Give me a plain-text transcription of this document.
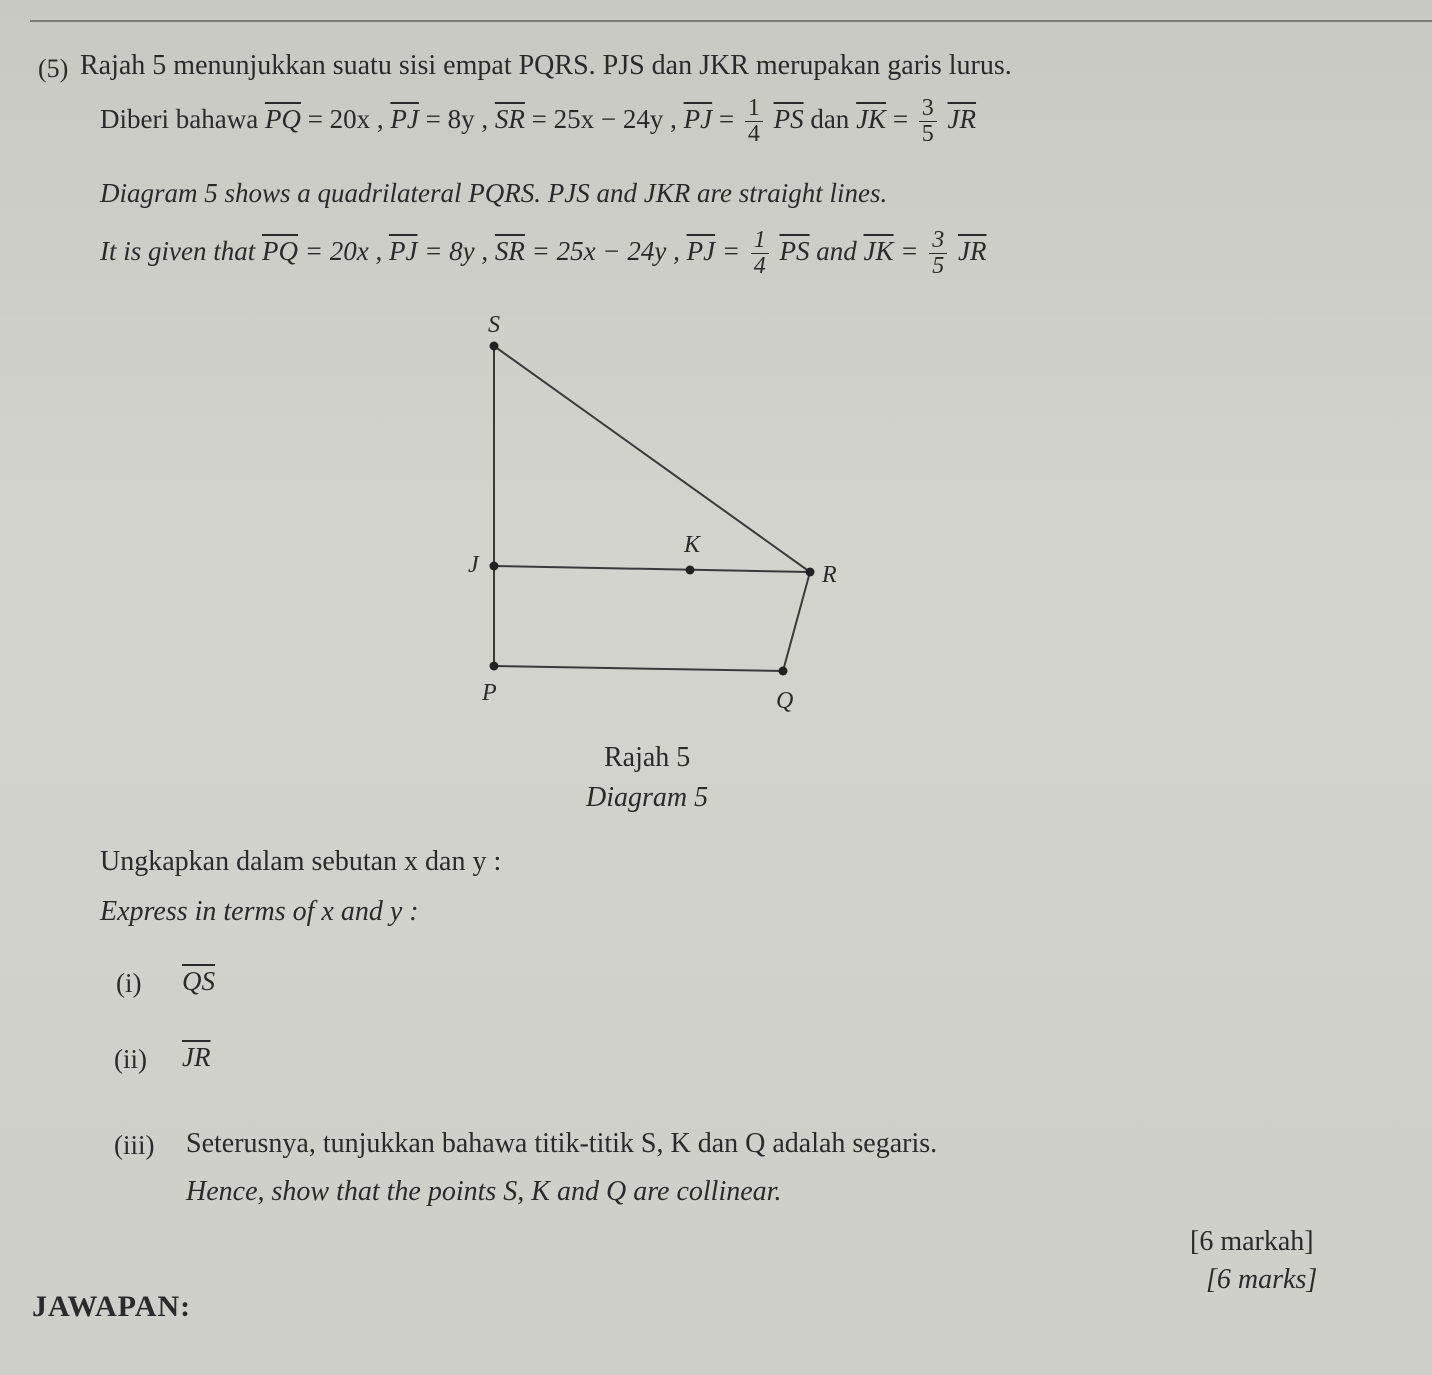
(5) Rajah 5 menunjukkan suatu sisi empat PQRS. PJS dan JKR merupakan garis lurus.
Diberi bahawa $\overline{PQ} = 20x$ , $\overline{PJ} = 8y$ , $\overline{SR} = 25x - 24y$ , $\overline{PJ} = \frac{1}{4} \overline{PS}$ dan $\overline{JK} = \frac{3}{5} \overline{JR}$
Diagram 5 shows a quadrilateral PQRS. PJS and JKR are straight lines.
It is given that $\overline{PQ} = 20x$ , $\overline{PJ} = 8y$ , $\overline{SR} = 25x - 24y$ , $\overline{PJ} = \frac{1}{4} \overline{PS}$ and $\overline{JK} = \frac{3}{5} \overline{JR}$
S
J
K
R
P	Q
Rajah 5
Diagram 5
Ungkapkan dalam sebutan x dan y :
Express in terms of x and y :
(i) $\overline{QS}$
(ii) $\overline{JR}$
(iii) Seterusnya, tunjukkan bahawa titik-titik S, K dan Q adalah segaris.
Hence, show that the points S, K and Q are collinear.
[6 markah]
[6 marks]
JAWAPAN:
